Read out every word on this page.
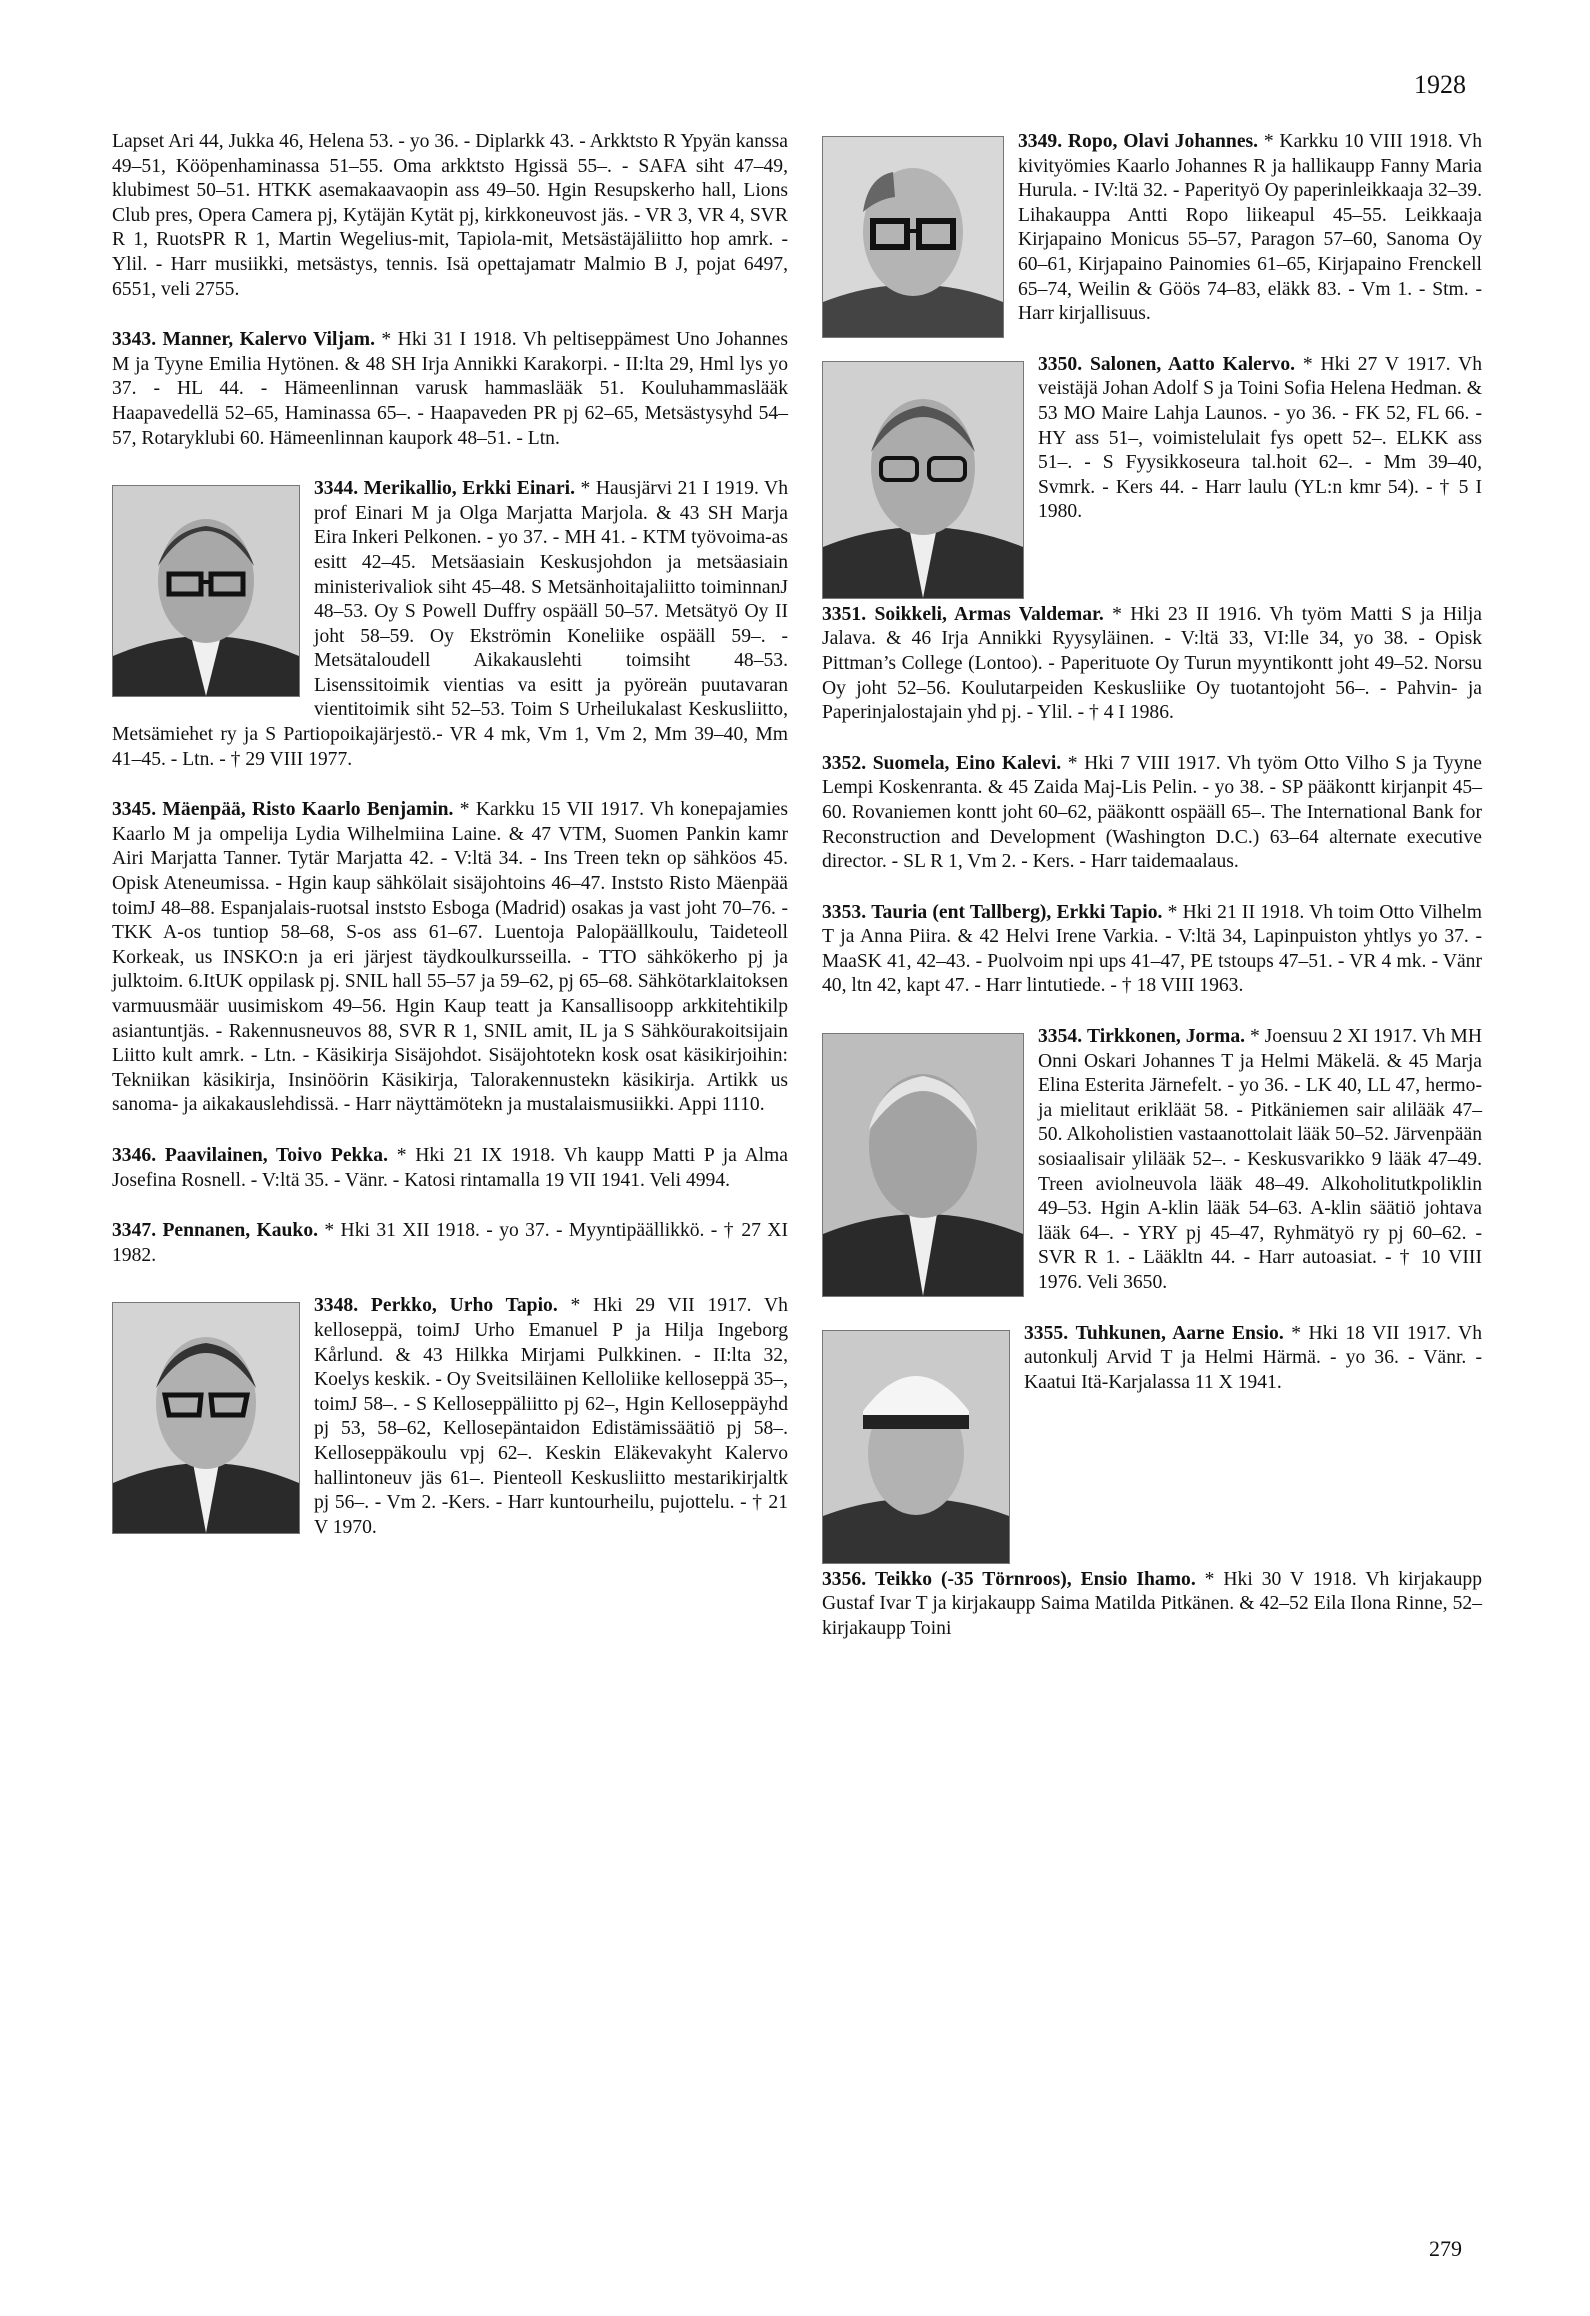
1928

Lapset Ari 44, Jukka 46, Helena 53. - yo 36. - Diplarkk 43. - Arkktsto R Ypyän kanssa 49–51, Kööpenhaminassa 51–55. Oma arkktsto Hgissä 55–. - SAFA siht 47–49, klubimest 50–51. HTKK asemakaavaopin ass 49–50. Hgin Resupskerho hall, Lions Club pres, Opera Camera pj, Kytäjän Kytät pj, kirkkoneuvost jäs. - VR 3, VR 4, SVR R 1, RuotsPR R 1, Martin Wegelius-mit, Tapiola-mit, Metsästäjäliitto hop amrk. - Ylil. - Harr musiikki, metsästys, tennis. Isä opettajamatr Malmio B J, pojat 6497, 6551, veli 2755.

3343. Manner, Kalervo Viljam. * Hki 31 I 1918. Vh peltiseppämest Uno Johannes M ja Tyyne Emilia Hytönen. & 48 SH Irja Annikki Karakorpi. - II:lta 29, Hml lys yo 37. - HL 44. - Hämeenlinnan varusk hammaslääk 51. Kouluhammaslääk Haapavedellä 52–65, Haminassa 65–. - Haapaveden PR pj 62–65, Metsästysyhd 54–57, Rotaryklubi 60. Hämeenlinnan kaupork 48–51. - Ltn.

3344. Merikallio, Erkki Einari. * Hausjärvi 21 I 1919. Vh prof Einari M ja Olga Marjatta Marjola. & 43 SH Marja Eira Inkeri Pelkonen. - yo 37. - MH 41. - KTM työvoima-as esitt 42–45. Metsäasiain Keskusjohdon ja metsäasiain ministerivaliok siht 45–48. S Metsänhoitajaliitto toiminnanJ 48–53. Oy S Powell Duffry ospääll 50–57. Metsätyö Oy II joht 58–59. Oy Ekströmin Koneliike ospääll 59–. - Metsätaloudell Aikakauslehti toimsiht 48–53. Lisenssitoimik vientias va esitt ja pyöreän puutavaran vientitoimik siht 52–53. Toim S Urheilukalast Keskusliitto, Metsämiehet ry ja S Partiopoikajärjestö.- VR 4 mk, Vm 1, Vm 2, Mm 39–40, Mm 41–45. - Ltn. - † 29 VIII 1977.

3345. Mäenpää, Risto Kaarlo Benjamin. * Karkku 15 VII 1917. Vh konepajamies Kaarlo M ja ompelija Lydia Wilhelmiina Laine. & 47 VTM, Suomen Pankin kamr Airi Marjatta Tanner. Tytär Marjatta 42. - V:ltä 34. - Ins Treen tekn op sähköos 45. Opisk Ateneumissa. - Hgin kaup sähkölait sisäjohtoins 46–47. Inststo Risto Mäenpää toimJ 48–88. Espanjalais-ruotsal inststo Esboga (Madrid) osakas ja vast joht 70–76. - TKK A-os tuntiop 58–68, S-os ass 61–67. Luentoja Palopäällkoulu, Taideteoll Korkeak, us INSKO:n ja eri järjest täydkoulkursseilla. - TTO sähkökerho pj ja julktoim. 6.ItUK oppilask pj. SNIL hall 55–57 ja 59–62, pj 65–68. Sähkötarklaitoksen varmuusmäär uusimiskom 49–56. Hgin Kaup teatt ja Kansallisoopp arkkitehtikilp asiantuntjäs. - Rakennusneuvos 88, SVR R 1, SNIL amit, IL ja S Sähköurakoitsijain Liitto kult amrk. - Ltn. - Käsikirja Sisäjohdot. Sisäjohtotekn kosk osat käsikirjoihin: Tekniikan käsikirja, Insinöörin Käsikirja, Talorakennustekn käsikirja. Artikk us sanoma- ja aikakauslehdissä. - Harr näyttämötekn ja mustalaismusiikki. Appi 1110.

3346. Paavilainen, Toivo Pekka. * Hki 21 IX 1918. Vh kaupp Matti P ja Alma Josefina Rosnell. - V:ltä 35. - Vänr. - Katosi rintamalla 19 VII 1941. Veli 4994.

3347. Pennanen, Kauko. * Hki 31 XII 1918. - yo 37. - Myyntipäällikkö. - † 27 XI 1982.

3348. Perkko, Urho Tapio. * Hki 29 VII 1917. Vh kelloseppä, toimJ Urho Emanuel P ja Hilja Ingeborg Kårlund. & 43 Hilkka Mirjami Pulkkinen. - II:lta 32, Koelys keskik. - Oy Sveitsiläinen Kelloliike kelloseppä 35–, toimJ 58–. - S Kelloseppäliitto pj 62–, Hgin Kelloseppäyhd pj 53, 58–62, Kellosepäntaidon Edistämissäätiö pj 58–. Kelloseppäkoulu vpj 62–. Keskin Eläkevakyht Kalervo hallintoneuv jäs 61–. Pienteoll Keskusliitto mestarikirjaltk pj 56–. - Vm 2. -Kers. - Harr kuntourheilu, pujottelu. - † 21 V 1970.

3349. Ropo, Olavi Johannes. * Karkku 10 VIII 1918. Vh kivityömies Kaarlo Johannes R ja hallikaupp Fanny Maria Hurula. - IV:ltä 32. - Paperityö Oy paperinleikkaaja 32–39. Lihakauppa Antti Ropo liikeapul 45–55. Leikkaaja Kirjapaino Monicus 55–57, Paragon 57–60, Sanoma Oy 60–61, Kirjapaino Painomies 61–65, Kirjapaino Frenckell 65–74, Weilin & Göös 74–83, eläkk 83. - Vm 1. - Stm. - Harr kirjallisuus.

3350. Salonen, Aatto Kalervo. * Hki 27 V 1917. Vh veistäjä Johan Adolf S ja Toini Sofia Helena Hedman. & 53 MO Maire Lahja Launos. - yo 36. - FK 52, FL 66. - HY ass 51–, voimistelulait fys opett 52–. ELKK ass 51–. - S Fyysikkoseura tal.hoit 62–. - Mm 39–40, Svmrk. - Kers 44. - Harr laulu (YL:n kmr 54). - † 5 I 1980.

3351. Soikkeli, Armas Valdemar. * Hki 23 II 1916. Vh työm Matti S ja Hilja Jalava. & 46 Irja Annikki Ryysyläinen. - V:ltä 33, VI:lle 34, yo 38. - Opisk Pittman’s College (Lontoo). - Paperituote Oy Turun myyntikontt joht 49–52. Norsu Oy joht 52–56. Koulutarpeiden Keskusliike Oy tuotantojoht 56–. - Pahvin- ja Paperinjalostajain yhd pj. - Ylil. - † 4 I 1986.

3352. Suomela, Eino Kalevi. * Hki 7 VIII 1917. Vh työm Otto Vilho S ja Tyyne Lempi Koskenranta. & 45 Zaida Maj-Lis Pelin. - yo 38. - SP pääkontt kirjanpit 45–60. Rovaniemen kontt joht 60–62, pääkontt ospääll 65–. The International Bank for Reconstruction and Development (Washington D.C.) 63–64 alternate executive director. - SL R 1, Vm 2. - Kers. - Harr taidemaalaus.

3353. Tauria (ent Tallberg), Erkki Tapio. * Hki 21 II 1918. Vh toim Otto Vilhelm T ja Anna Piira. & 42 Helvi Irene Varkia. - V:ltä 34, Lapinpuiston yhtlys yo 37. - MaaSK 41, 42–43. - Puolvoim npi ups 41–47, PE tstoups 47–51. - VR 4 mk. - Vänr 40, ltn 42, kapt 47. - Harr lintutiede. - † 18 VIII 1963.

3354. Tirkkonen, Jorma. * Joensuu 2 XI 1917. Vh MH Onni Oskari Johannes T ja Helmi Mäkelä. & 45 Marja Elina Esterita Järnefelt. - yo 36. - LK 40, LL 47, hermo- ja mielitaut erikläät 58. - Pitkäniemen sair alilääk 47–50. Alkoholistien vastaanottolait lääk 50–52. Järvenpään sosiaalisair ylilääk 52–. - Keskusvarikko 9 lääk 47–49. Treen aviolneuvola lääk 48–49. Alkoholitutkpoliklin 49–53. Hgin A-klin lääk 54–63. A-klin säätiö johtava lääk 64–. - YRY pj 45–47, Ryhmätyö ry pj 60–62. - SVR R 1. - Lääkltn 44. - Harr autoasiat. - † 10 VIII 1976. Veli 3650.

3355. Tuhkunen, Aarne Ensio. * Hki 18 VII 1917. Vh autonkulj Arvid T ja Helmi Härmä. - yo 36. - Vänr. - Kaatui Itä-Karjalassa 11 X 1941.

3356. Teikko (-35 Törnroos), Ensio Ihamo. * Hki 30 V 1918. Vh kirjakaupp Gustaf Ivar T ja kirjakaupp Saima Matilda Pitkänen. & 42–52 Eila Ilona Rinne, 52– kirjakaupp Toini

279
